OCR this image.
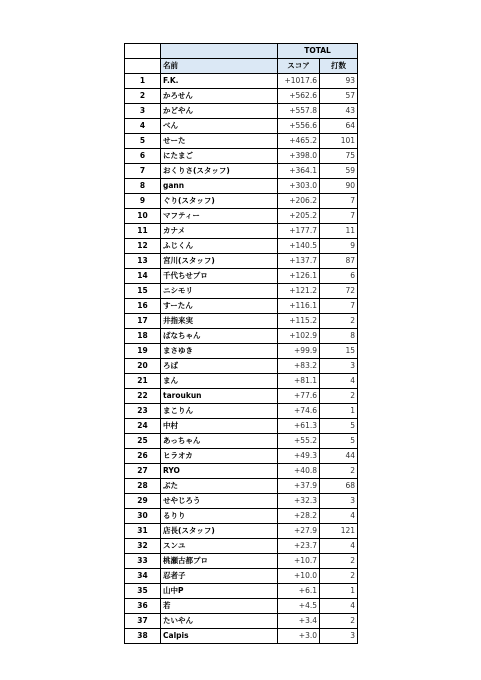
		TOTAL	
	名前	スコア	打数
1	F.K.	+1017.6	93
2	かろせん	+562.6	57
3	かどやん	+557.8	43
4	べん	+556.6	64
5	せーた	+465.2	101
6	にたまご	+398.0	75
7	おくりさ(スタッフ)	+364.1	59
8	gann	+303.0	90
9	ぐり(スタッフ)	+206.2	7
10	マフティー	+205.2	7
11	カナメ	+177.7	11
12	ふじくん	+140.5	9
13	宮川(スタッフ)	+137.7	87
14	千代ちせプロ	+126.1	6
15	ニシモリ	+121.2	72
16	すーたん	+116.1	7
17	井指来実	+115.2	2
18	ぱなちゃん	+102.9	8
19	まさゆき	+99.9	15
20	ろば	+83.2	3
21	まん	+81.1	4
22	taroukun	+77.6	2
23	まこりん	+74.6	1
24	中村	+61.3	5
25	あっちゃん	+55.2	5
26	ヒラオカ	+49.3	44
27	RYO	+40.8	2
28	ぶた	+37.9	68
29	せやじろう	+32.3	3
30	るりり	+28.2	4
31	店長(スタッフ)	+27.9	121
32	スンユ	+23.7	4
33	桃瀬古都プロ	+10.7	2
34	忍者子	+10.0	2
35	山中P	+6.1	1
36	若	+4.5	4
37	たいやん	+3.4	2
38	Calpis	+3.0	3
